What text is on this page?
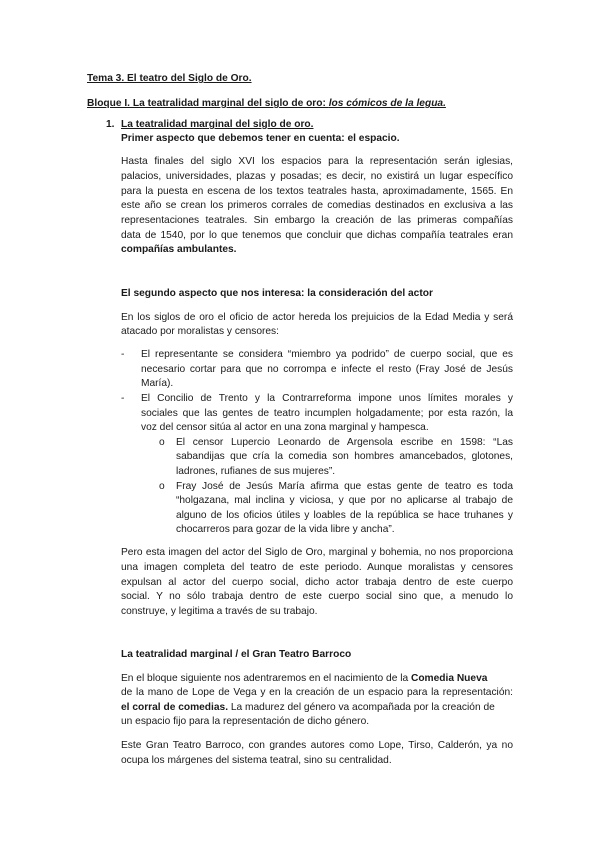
Tema 3. El teatro del Siglo de Oro.
Bloque I. La teatralidad marginal del siglo de oro: los cómicos de la legua.
1. La teatralidad marginal del siglo de oro.
Primer aspecto que debemos tener en cuenta: el espacio.
Hasta finales del siglo XVI los espacios para la representación serán iglesias,
palacios, universidades, plazas y posadas; es decir, no existirá un lugar específico
para la puesta en escena de los textos teatrales hasta, aproximadamente, 1565. En
este año se crean los primeros corrales de comedias destinados en exclusiva a las
representaciones teatrales. Sin embargo la creación de las primeras compañías
data de 1540, por lo que tenemos que concluir que dichas compañía teatrales eran
compañías ambulantes.
El segundo aspecto que nos interesa: la consideración del actor
En los siglos de oro el oficio de actor hereda los prejuicios de la Edad Media y será
atacado por moralistas y censores:
- El representante se considera “miembro ya podrido” de cuerpo social, que es
necesario cortar para que no corrompa e infecte el resto (Fray José de Jesús
María).
- El Concilio de Trento y la Contrarreforma impone unos límites morales y
sociales que las gentes de teatro incumplen holgadamente; por esta razón, la
voz del censor sitúa al actor en una zona marginal y hampesca.
o El censor Lupercio Leonardo de Argensola escribe en 1598: “Las
sabandijas que cría la comedia son hombres amancebados, glotones,
ladrones, rufianes de sus mujeres”.
o Fray José de Jesús María afirma que estas gente de teatro es toda
“holgazana, mal inclina y viciosa, y que por no aplicarse al trabajo de
alguno de los oficios útiles y loables de la república se hace truhanes y
chocarreros para gozar de la vida libre y ancha”.
Pero esta imagen del actor del Siglo de Oro, marginal y bohemia, no nos proporciona
una imagen completa del teatro de este periodo. Aunque moralistas y censores
expulsan al actor del cuerpo social, dicho actor trabaja dentro de este cuerpo
social. Y no sólo trabaja dentro de este cuerpo social sino que, a menudo lo
construye, y legitima a través de su trabajo.
La teatralidad marginal / el Gran Teatro Barroco
En el bloque siguiente nos adentraremos en el nacimiento de la Comedia Nueva
de la mano de Lope de Vega y en la creación de un espacio para la representación:
el corral de comedias. La madurez del género va acompañada por la creación de
un espacio fijo para la representación de dicho género.
Este Gran Teatro Barroco, con grandes autores como Lope, Tirso, Calderón, ya no
ocupa los márgenes del sistema teatral, sino su centralidad.
